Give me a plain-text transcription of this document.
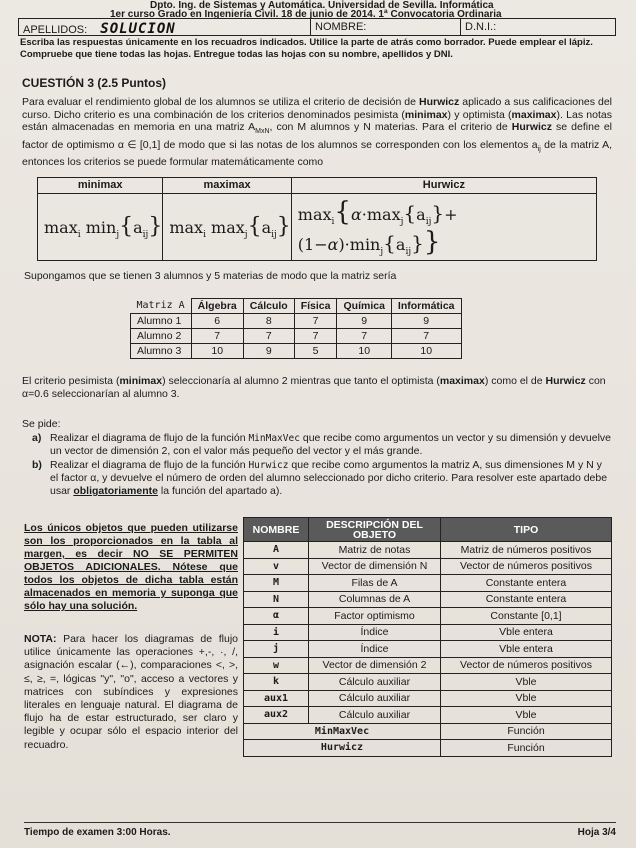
Dpto. Ing. de Sistemas y Automática. Universidad de Sevilla. Informática
1er curso Grado en Ingeniería Civil. 18 de junio de 2014. 1ª Convocatoria Ordinaria
APELLIDOS: SOLUCION	NOMBRE:	D.N.I.:
Escriba las respuestas únicamente en los recuadros indicados. Utilice la parte de atrás como borrador. Puede emplear el lápiz. Compruebe que tiene todas las hojas. Entregue todas las hojas con su nombre, apellidos y DNI.
CUESTIÓN 3 (2.5 Puntos)
Para evaluar el rendimiento global de los alumnos se utiliza el criterio de decisión de Hurwicz aplicado a sus calificaciones del curso. Dicho criterio es una combinación de los criterios denominados pesimista (minimax) y optimista (maximax). Las notas están almacenadas en memoria en una matriz $A_{MxN}$, con M alumnos y N materias. Para el criterio de Hurwicz se define el factor de optimismo α ∈ [0,1] de modo que si las notas de los alumnos se corresponden con los elementos $a_{ij}$ de la matriz A, entonces los criterios se puede formular matemáticamente como
minimax	maximax	Hurwicz
$\max_i \min_j\{a_{ij}\}$	$\max_i \max_j\{a_{ij}\}$	$\max_i\{\alpha\cdot\max_j\{a_{ij}\}+(1-\alpha)\cdot\min_j\{a_{ij}\}\}$
Supongamos que se tienen 3 alumnos y 5 materias de modo que la matriz sería
Matriz A	Álgebra	Cálculo	Física	Química	Informática
Alumno 1	6	8	7	9	9
Alumno 2	7	7	7	7	7
Alumno 3	10	9	5	10	10
El criterio pesimista (minimax) seleccionaría al alumno 2 mientras que tanto el optimista (maximax) como el de Hurwicz con α=0.6 seleccionarían al alumno 3.
Se pide:
a) Realizar el diagrama de flujo de la función MinMaxVec que recibe como argumentos un vector y su dimensión y devuelve un vector de dimensión 2, con el valor más pequeño del vector y el más grande.
b) Realizar el diagrama de flujo de la función Hurwicz que recibe como argumentos la matriz A, sus dimensiones M y N y el factor α, y devuelve el número de orden del alumno seleccionado por dicho criterio. Para resolver este apartado debe usar obligatoriamente la función del apartado a).
Los únicos objetos que pueden utilizarse son los proporcionados en la tabla al margen, es decir NO SE PERMITEN OBJETOS ADICIONALES. Nótese que todos los objetos de dicha tabla están almacenados en memoria y suponga que sólo hay una solución.
NOTA: Para hacer los diagramas de flujo utilice únicamente las operaciones +,-, ·, /, asignación escalar (←), comparaciones <, >, ≤, ≥, =, lógicas "y", "o", acceso a vectores y matrices con subíndices y expresiones literales en lenguaje natural. El diagrama de flujo ha de estar estructurado, ser claro y legible y ocupar sólo el espacio interior del recuadro.
NOMBRE	DESCRIPCIÓN DEL OBJETO	TIPO
A	Matriz de notas	Matriz de números positivos
v	Vector de dimensión N	Vector de números positivos
M	Filas de A	Constante entera
N	Columnas de A	Constante entera
α	Factor optimismo	Constante [0,1]
i	Índice	Vble entera
j	Índice	Vble entera
w	Vector de dimensión 2	Vector de números positivos
k	Cálculo auxiliar	Vble
aux1	Cálculo auxiliar	Vble
aux2	Cálculo auxiliar	Vble
MinMaxVec		Función
Hurwicz		Función
Tiempo de examen 3:00 Horas.	Hoja 3/4
